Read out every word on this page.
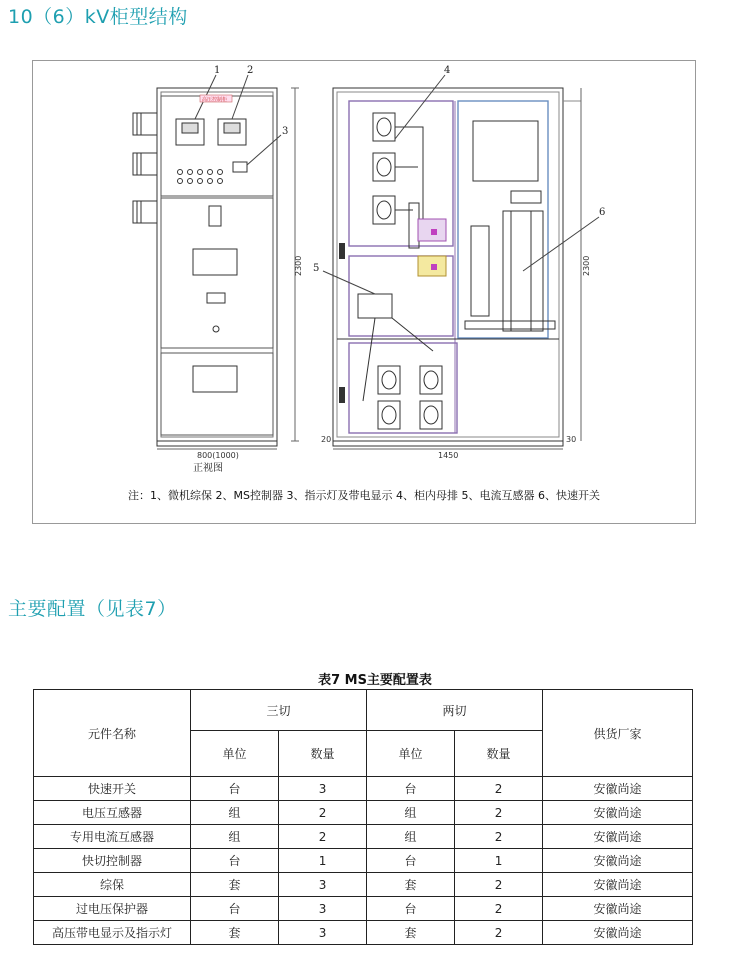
10（6）kV柜型结构
1	2
3
4
5
6
800(1000)	1450
20	30
2300	2300
高压控制柜
正视图
注：1、微机综保 2、MS控制器 3、指示灯及带电显示 4、柜内母排 5、电流互感器 6、快速开关
主要配置（见表7）
表7 MS主要配置表
元件名称	三切		两切		供货厂家
	单位	数量	单位	数量	
快速开关	台	3	台	2	安徽尚途
电压互感器	组	2	组	2	安徽尚途
专用电流互感器	组	2	组	2	安徽尚途
快切控制器	台	1	台	1	安徽尚途
综保	套	3	套	2	安徽尚途
过电压保护器	台	3	台	2	安徽尚途
高压带电显示及指示灯	套	3	套	2	安徽尚途
